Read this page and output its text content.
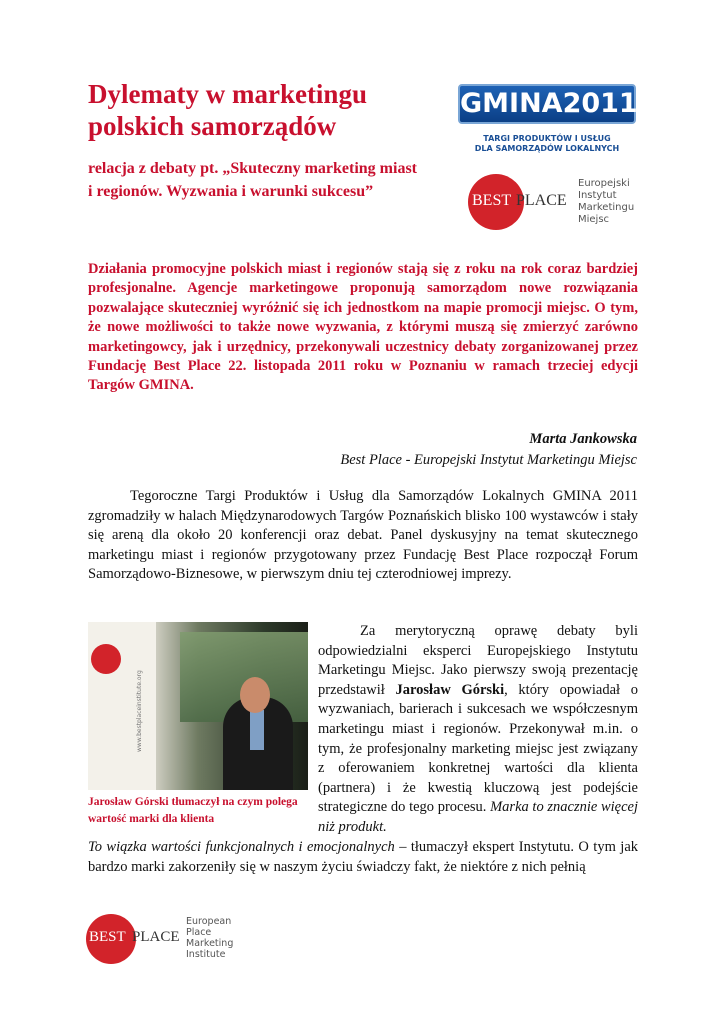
Dylematy w marketingu polskich samorządów
relacja z debaty pt. „Skuteczny marketing miast i regionów. Wyzwania i warunki sukcesu”
GMINA2011
TARGI PRODUKTÓW I USŁUG
DLA SAMORZĄDÓW LOKALNYCH
BEST PLACE
Europejski
Instytut
Marketingu
Miejsc

Działania promocyjne polskich miast i regionów stają się z roku na rok coraz bardziej profesjonalne. Agencje marketingowe proponują samorządom nowe rozwiązania pozwalające skuteczniej wyróżnić się ich jednostkom na mapie promocji miejsc. O tym, że nowe możliwości to także nowe wyzwania, z którymi muszą się zmierzyć zarówno marketingowcy, jak i urzędnicy, przekonywali uczestnicy debaty zorganizowanej przez Fundację Best Place 22. listopada 2011 roku w Poznaniu w ramach trzeciej edycji Targów GMINA.

Marta Jankowska
Best Place - Europejski Instytut Marketingu Miejsc

Tegoroczne Targi Produktów i Usług dla Samorządów Lokalnych GMINA 2011 zgromadziły w halach Międzynarodowych Targów Poznańskich blisko 100 wystawców i stały się areną dla około 20 konferencji oraz debat. Panel dyskusyjny na temat skutecznego marketingu miast i regionów przygotowany przez Fundację Best Place rozpoczął Forum Samorządowo-Biznesowe, w pierwszym dniu tej czterodniowej imprezy.

www.bestplaceinstitute.org

Jarosław Górski tłumaczył na czym polega wartość marki dla klienta

Za merytoryczną oprawę debaty byli odpowiedzialni eksperci Europejskiego Instytutu Marketingu Miejsc. Jako pierwszy swoją prezentację przedstawił Jarosław Górski, który opowiadał o wyzwaniach, barierach i sukcesach we współczesnym marketingu miast i regionów. Przekonywał m.in. o tym, że profesjonalny marketing miejsc jest związany z oferowaniem konkretnej wartości dla klienta (partnera) i że kwestią kluczową jest podejście strategiczne do tego procesu. Marka to znacznie więcej niż produkt.

To wiązka wartości funkcjonalnych i emocjonalnych – tłumaczył ekspert Instytutu. O tym jak bardzo marki zakorzeniły się w naszym życiu świadczy fakt, że niektóre z nich pełnią

BEST PLACE
European
Place
Marketing
Institute
